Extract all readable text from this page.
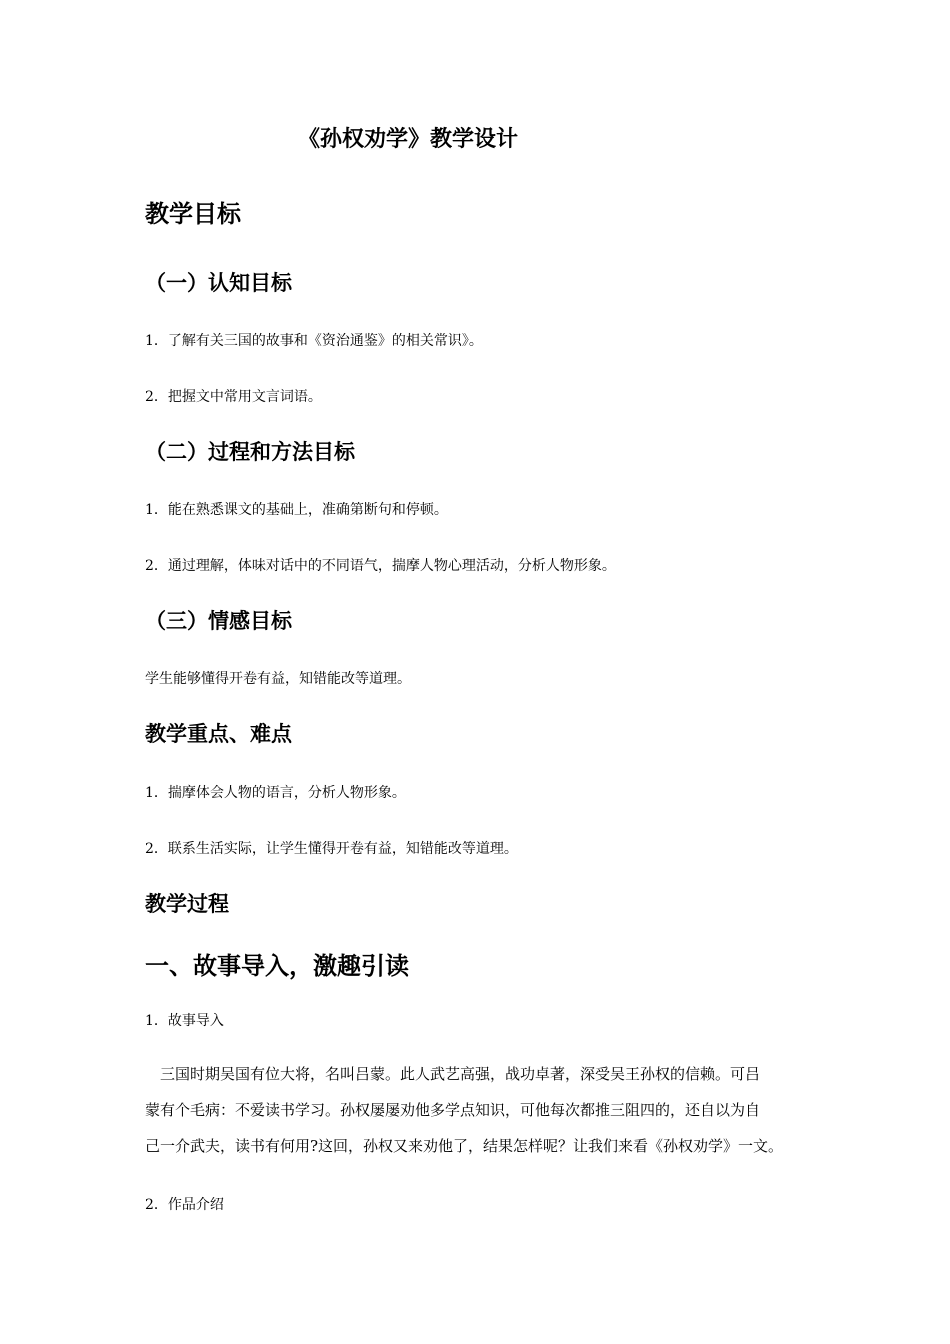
《孙权劝学》教学设计
教学目标
（一）认知目标
1．了解有关三国的故事和《资治通鉴》的相关常识》。
2．把握文中常用文言词语。
（二）过程和方法目标
1．能在熟悉课文的基础上，准确第断句和停顿。
2．通过理解，体味对话中的不同语气，揣摩人物心理活动，分析人物形象。
（三）情感目标
学生能够懂得开卷有益，知错能改等道理。
教学重点、难点
1．揣摩体会人物的语言，分析人物形象。
2．联系生活实际，让学生懂得开卷有益，知错能改等道理。
教学过程
一、故事导入，激趣引读
1．故事导入
　三国时期吴国有位大将，名叫吕蒙。此人武艺高强，战功卓著，深受吴王孙权的信赖。可吕
蒙有个毛病：不爱读书学习。孙权屡屡劝他多学点知识，可他每次都推三阻四的，还自以为自
己一介武夫，读书有何用?这回，孙权又来劝他了，结果怎样呢？让我们来看《孙权劝学》一文。
2．作品介绍
